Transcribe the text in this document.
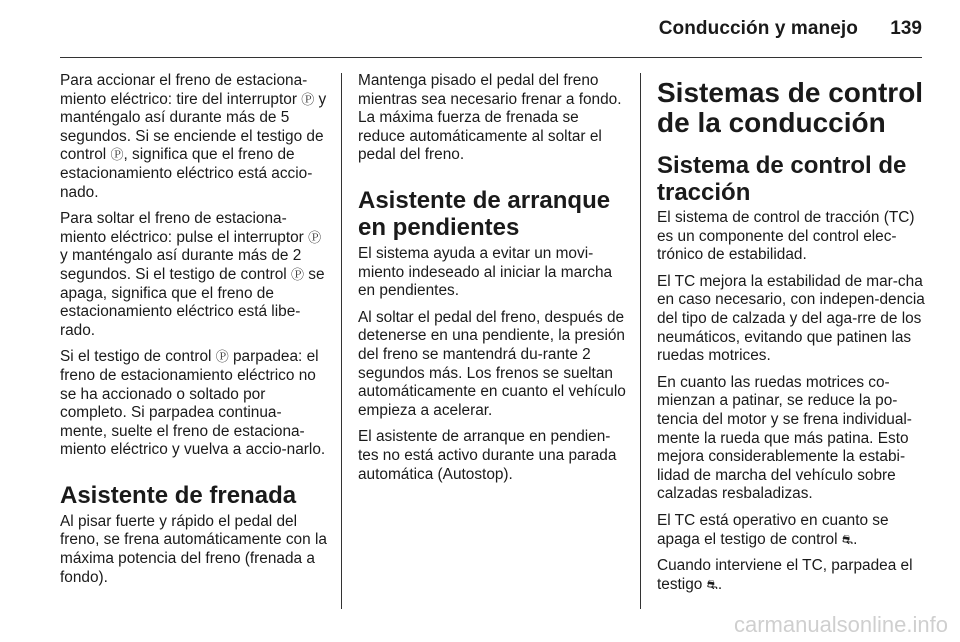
Conducción y manejo 139

Para accionar el freno de estaciona-miento eléctrico: tire del interruptor Ⓟ y manténgalo así durante más de 5 segundos. Si se enciende el testigo de control Ⓟ, significa que el freno de estacionamiento eléctrico está accio-nado.

Para soltar el freno de estaciona-miento eléctrico: pulse el interruptor Ⓟ y manténgalo así durante más de 2 segundos. Si el testigo de control Ⓟ se apaga, significa que el freno de estacionamiento eléctrico está libe-rado.

Si el testigo de control Ⓟ parpadea: el freno de estacionamiento eléctrico no se ha accionado o soltado por completo. Si parpadea continua-mente, suelte el freno de estaciona-miento eléctrico y vuelva a accio-narlo.

Asistente de frenada

Al pisar fuerte y rápido el pedal del freno, se frena automáticamente con la máxima potencia del freno (frenada a fondo).

Mantenga pisado el pedal del freno mientras sea necesario frenar a fondo. La máxima fuerza de frenada se reduce automáticamente al soltar el pedal del freno.

Asistente de arranque en pendientes

El sistema ayuda a evitar un movi-miento indeseado al iniciar la marcha en pendientes.

Al soltar el pedal del freno, después de detenerse en una pendiente, la presión del freno se mantendrá du-rante 2 segundos más. Los frenos se sueltan automáticamente en cuanto el vehículo empieza a acelerar.

El asistente de arranque en pendien-tes no está activo durante una parada automática (Autostop).

Sistemas de control de la conducción
Sistema de control de tracción

El sistema de control de tracción (TC) es un componente del control elec-trónico de estabilidad.

El TC mejora la estabilidad de mar-cha en caso necesario, con indepen-dencia del tipo de calzada y del aga-rre de los neumáticos, evitando que patinen las ruedas motrices.

En cuanto las ruedas motrices co-mienzan a patinar, se reduce la po-tencia del motor y se frena individual-mente la rueda que más patina. Esto mejora considerablemente la estabi-lidad de marcha del vehículo sobre calzadas resbaladizas.

El TC está operativo en cuanto se apaga el testigo de control ⛐.

Cuando interviene el TC, parpadea el testigo ⛐.

carmanualsonline.info
